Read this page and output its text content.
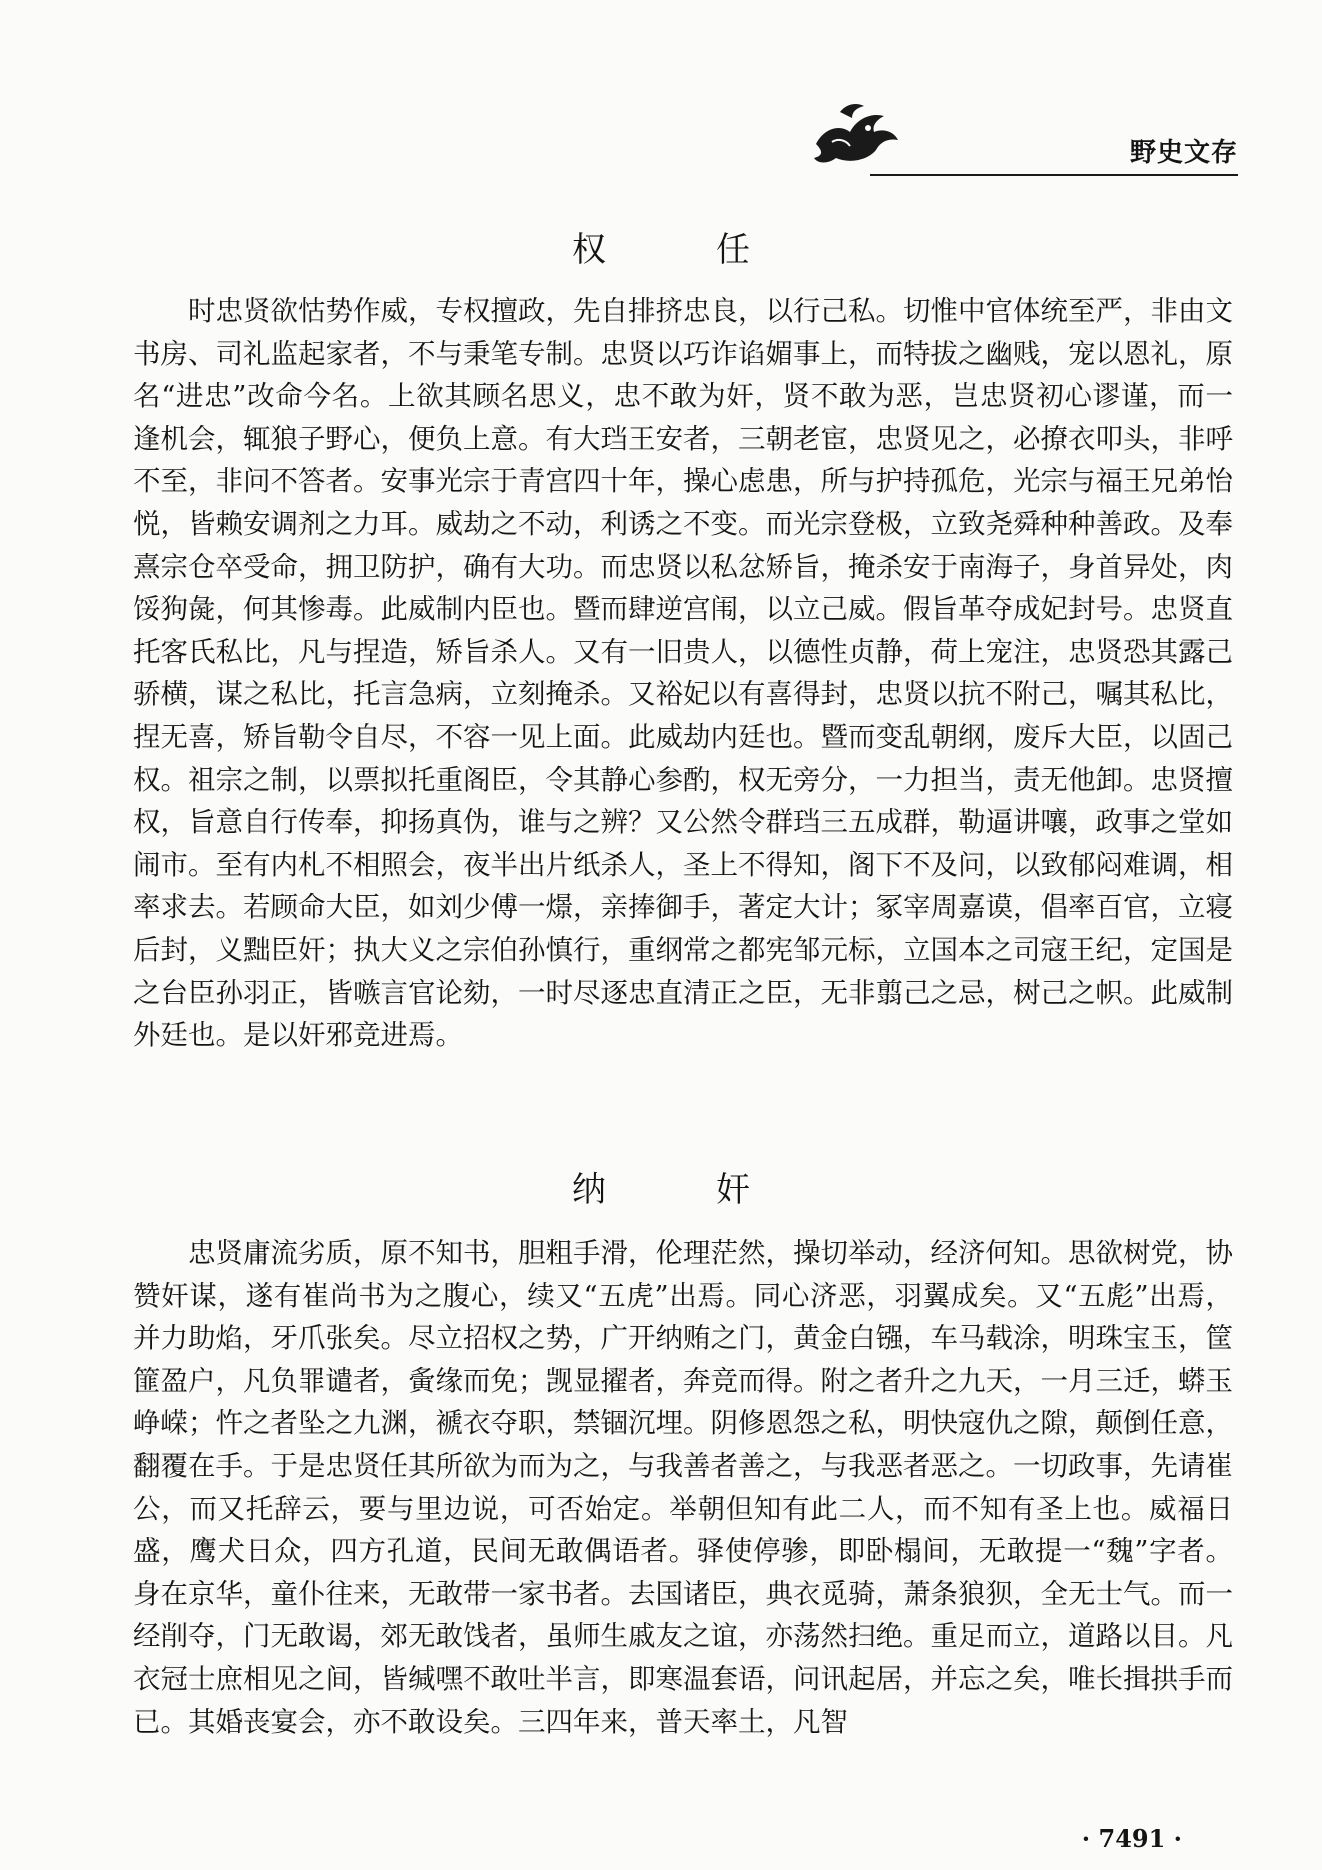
野史文存
权　任

时忠贤欲怙势作威，专权擅政，先自排挤忠良，以行己私。切惟中官体统至严，非由文书房、司礼监起家者，不与秉笔专制。忠贤以巧诈谄媚事上，而特拔之幽贱，宠以恩礼，原名“进忠”改命今名。上欲其顾名思义，忠不敢为奸，贤不敢为恶，岂忠贤初心谬谨，而一逢机会，辄狼子野心，便负上意。有大珰王安者，三朝老宦，忠贤见之，必撩衣叩头，非呼不至，非问不答者。安事光宗于青宫四十年，操心虑患，所与护持孤危，光宗与福王兄弟怡悦，皆赖安调剂之力耳。威劫之不动，利诱之不变。而光宗登极，立致尧舜种种善政。及奉熹宗仓卒受命，拥卫防护，确有大功。而忠贤以私忿矫旨，掩杀安于南海子，身首异处，肉馁狗彘，何其惨毒。此威制内臣也。暨而肆逆宫闱，以立己威。假旨革夺成妃封号。忠贤直托客氏私比，凡与捏造，矫旨杀人。又有一旧贵人，以德性贞静，荷上宠注，忠贤恐其露己骄横，谋之私比，托言急病，立刻掩杀。又裕妃以有喜得封，忠贤以抗不附己，嘱其私比，捏无喜，矫旨勒令自尽，不容一见上面。此威劫内廷也。暨而变乱朝纲，废斥大臣，以固己权。祖宗之制，以票拟托重阁臣，令其静心参酌，权无旁分，一力担当，责无他卸。忠贤擅权，旨意自行传奉，抑扬真伪，谁与之辨？又公然令群珰三五成群，勒逼讲嚷，政事之堂如闹市。至有内札不相照会，夜半出片纸杀人，圣上不得知，阁下不及问，以致郁闷难调，相率求去。若顾命大臣，如刘少傅一燝，亲捧御手，著定大计；冢宰周嘉谟，倡率百官，立寝后封，义黜臣奸；执大义之宗伯孙慎行，重纲常之都宪邹元标，立国本之司寇王纪，定国是之台臣孙羽正，皆嗾言官论劾，一时尽逐忠直清正之臣，无非翦己之忌，树己之帜。此威制外廷也。是以奸邪竞进焉。

纳　奸

忠贤庸流劣质，原不知书，胆粗手滑，伦理茫然，操切举动，经济何知。思欲树党，协赞奸谋，遂有崔尚书为之腹心，续又“五虎”出焉。同心济恶，羽翼成矣。又“五彪”出焉，并力助焰，牙爪张矣。尽立招权之势，广开纳贿之门，黄金白镪，车马载涂，明珠宝玉，筐篚盈户，凡负罪谴者，夤缘而免；觊显擢者，奔竞而得。附之者升之九天，一月三迁，蟒玉峥嵘；忤之者坠之九渊，褫衣夺职，禁锢沉埋。阴修恩怨之私，明快寇仇之隙，颠倒任意，翻覆在手。于是忠贤任其所欲为而为之，与我善者善之，与我恶者恶之。一切政事，先请崔公，而又托辞云，要与里边说，可否始定。举朝但知有此二人，而不知有圣上也。威福日盛，鹰犬日众，四方孔道，民间无敢偶语者。驿使停骖，即卧榻间，无敢提一“魏”字者。身在京华，童仆往来，无敢带一家书者。去国诸臣，典衣觅骑，萧条狼狈，全无士气。而一经削夺，门无敢谒，郊无敢饯者，虽师生戚友之谊，亦荡然扫绝。重足而立，道路以目。凡衣冠士庶相见之间，皆缄嘿不敢吐半言，即寒温套语，问讯起居，并忘之矣，唯长揖拱手而已。其婚丧宴会，亦不敢设矣。三四年来，普天率土，凡智

· 7491 ·
